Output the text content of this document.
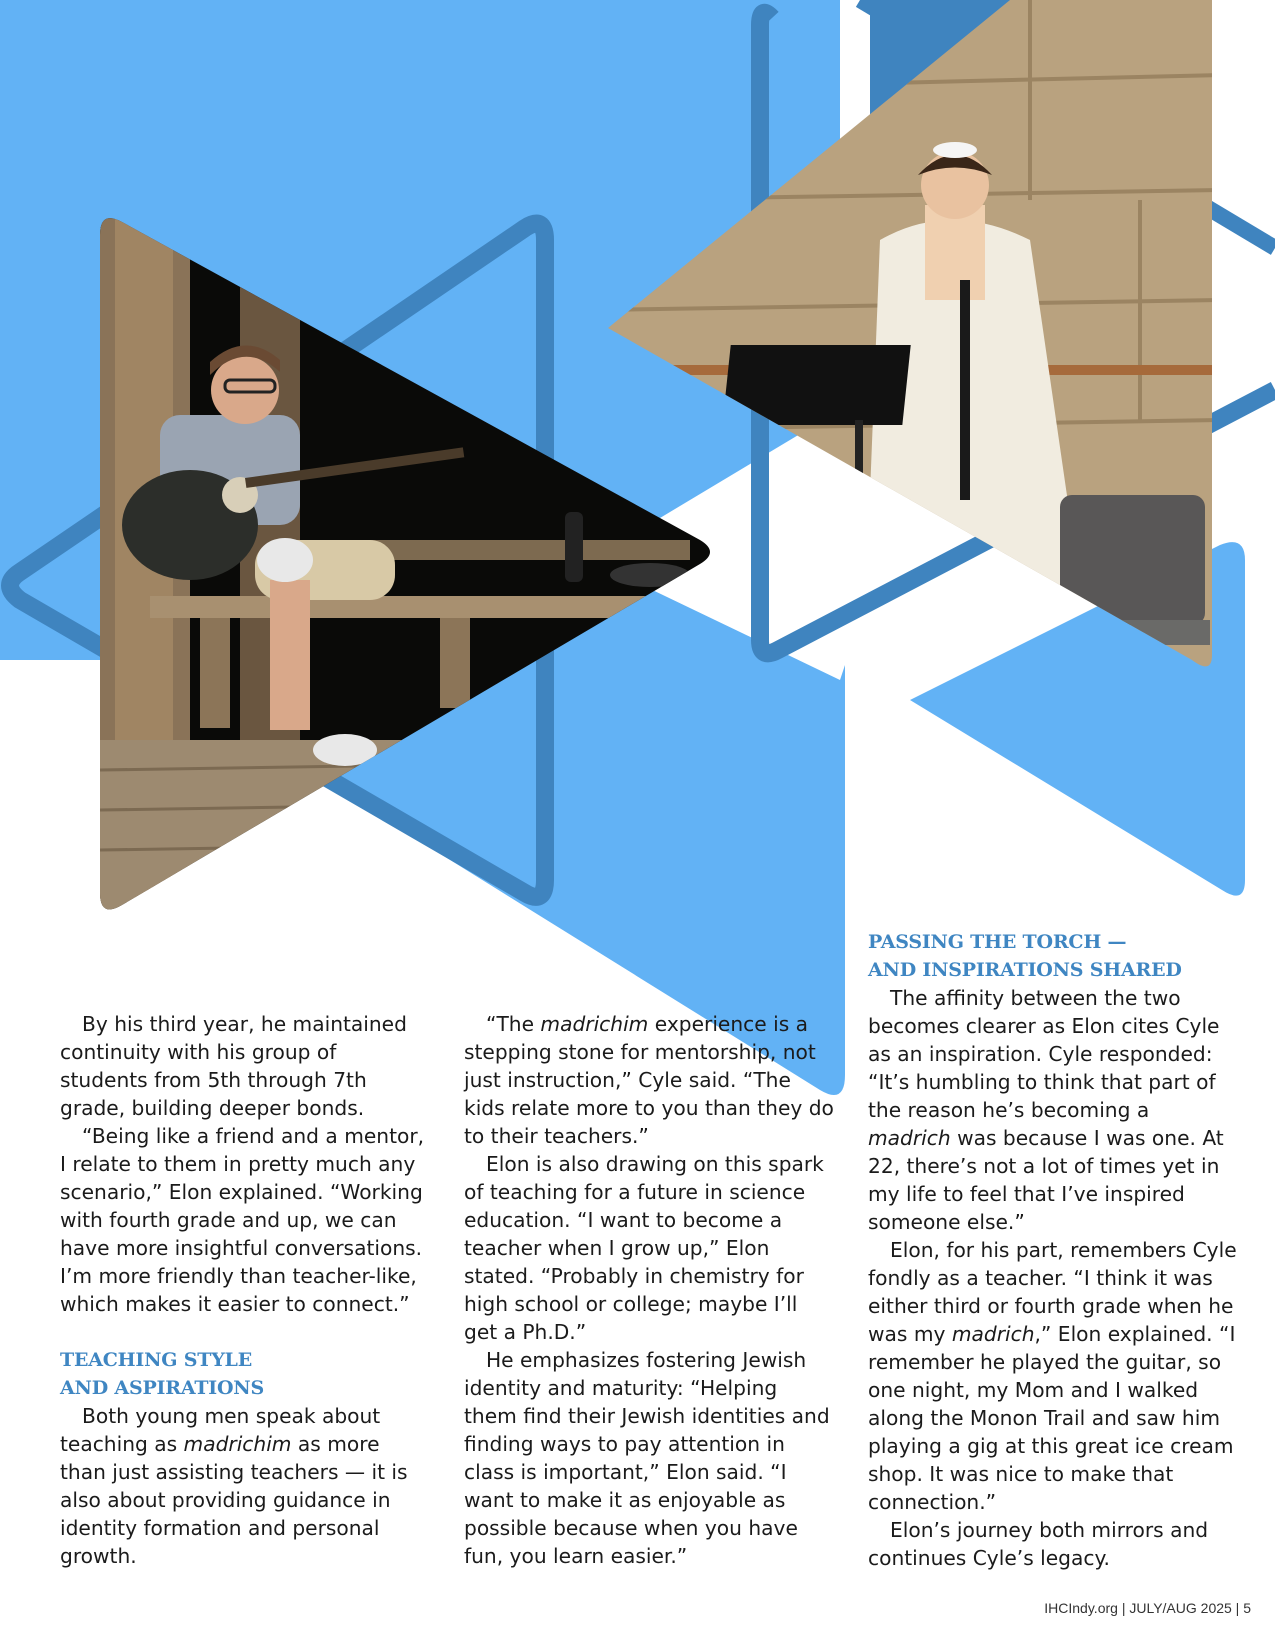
By his third year, he maintained continuity with his group of students from 5th through 7th grade, building deeper bonds.

“Being like a friend and a mentor, I relate to them in pretty much any scenario,” Elon explained. “Working with fourth grade and up, we can have more insightful conversations. I’m more friendly than teacher-like, which makes it easier to connect.”

TEACHING STYLE
AND ASPIRATIONS

Both young men speak about teaching as madrichim as more than just assisting teachers — it is also about providing guidance in identity formation and personal growth.

“The madrichim experience is a stepping stone for mentorship, not just instruction,” Cyle said. “The kids relate more to you than they do to their teachers.”

Elon is also drawing on this spark of teaching for a future in science education. “I want to become a teacher when I grow up,” Elon stated. “Probably in chemistry for high school or college; maybe I’ll get a Ph.D.”

He emphasizes fostering Jewish identity and maturity: “Helping them find their Jewish identities and finding ways to pay attention in class is important,” Elon said. “I want to make it as enjoyable as possible because when you have fun, you learn easier.”

PASSING THE TORCH —
AND INSPIRATIONS SHARED

The affinity between the two becomes clearer as Elon cites Cyle as an inspiration. Cyle responded: “It’s humbling to think that part of the reason he’s becoming a madrich was because I was one. At 22, there’s not a lot of times yet in my life to feel that I’ve inspired someone else.”

Elon, for his part, remembers Cyle fondly as a teacher. “I think it was either third or fourth grade when he was my madrich,” Elon explained. “I remember he played the guitar, so one night, my Mom and I walked along the Monon Trail and saw him playing a gig at this great ice cream shop. It was nice to make that connection.”

Elon’s journey both mirrors and continues Cyle’s legacy.

IHCIndy.org | JULY/AUG 2025 | 5
